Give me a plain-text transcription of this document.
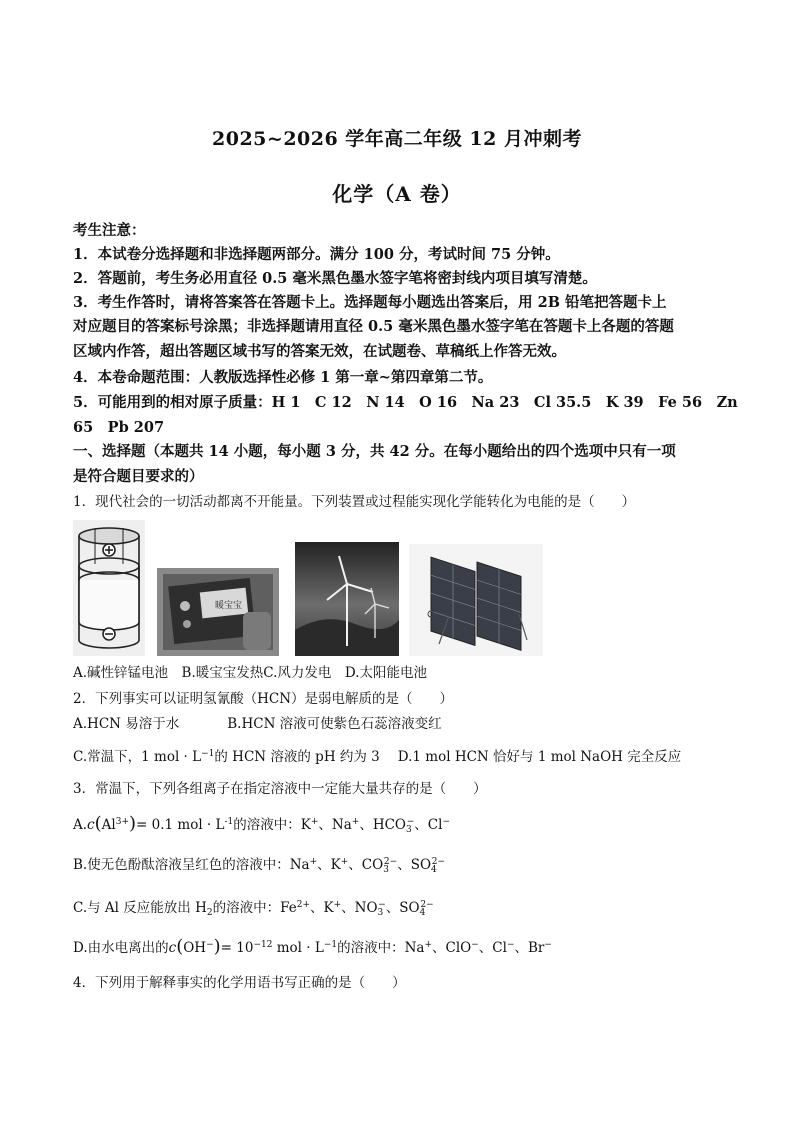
2025~2026 学年高二年级 12 月冲刺考
化学（A 卷）
考生注意：
1．本试卷分选择题和非选择题两部分。满分 100 分，考试时间 75 分钟。
2．答题前，考生务必用直径 0.5 毫米黑色墨水签字笔将密封线内项目填写清楚。
3．考生作答时，请将答案答在答题卡上。选择题每小题选出答案后，用 2B 铅笔把答题卡上
对应题目的答案标号涂黑；非选择题请用直径 0.5 毫米黑色墨水签字笔在答题卡上各题的答题
区域内作答，超出答题区域书写的答案无效，在试题卷、草稿纸上作答无效。
4．本卷命题范围：人教版选择性必修 1 第一章~第四章第二节。
5．可能用到的相对原子质量：H 1　C 12　N 14　O 16　Na 23　Cl 35.5　K 39　Fe 56　Zn
65　Pb 207
一、选择题（本题共 14 小题，每小题 3 分，共 42 分。在每小题给出的四个选项中只有一项
是符合题目要求的）
1．现代社会的一切活动都离不开能量。下列装置或过程能实现化学能转化为电能的是（　　）
暖宝宝
A.碱性锌锰电池　B.暖宝宝发热C.风力发电　D.太阳能电池
2．下列事实可以证明氢氰酸（HCN）是弱电解质的是（　　）
A.HCN 易溶于水	B.HCN 溶液可使紫色石蕊溶液变红
C.常温下，1 mol · $L^{-1}$的 HCN 溶液的 pH 约为 3 D.1 mol HCN 恰好与 1 mol NaOH 完全反应
3．常温下，下列各组离子在指定溶液中一定能大量共存的是（　　）
$A.c(Al^{3+})= 0.1$ mol · $L^{-1}$的溶液中：K+、Na+、$HCO_3^-$、Cl−
B.使无色酚酞溶液呈红色的溶液中：Na+、K+、$CO_3^{2-}$、$SO_4^{2-}$
C.与 Al 反应能放出 $H_2$的溶液中：$Fe^{2+}$、K+、$NO_3^-$、$SO_4^{2-}$
D.由水电离出的$c(OH^-)= 10^{-12}$ mol · $L^{-1}$的溶液中：Na+、ClO−、Cl−、Br−
4．下列用于解释事实的化学用语书写正确的是（　　）
